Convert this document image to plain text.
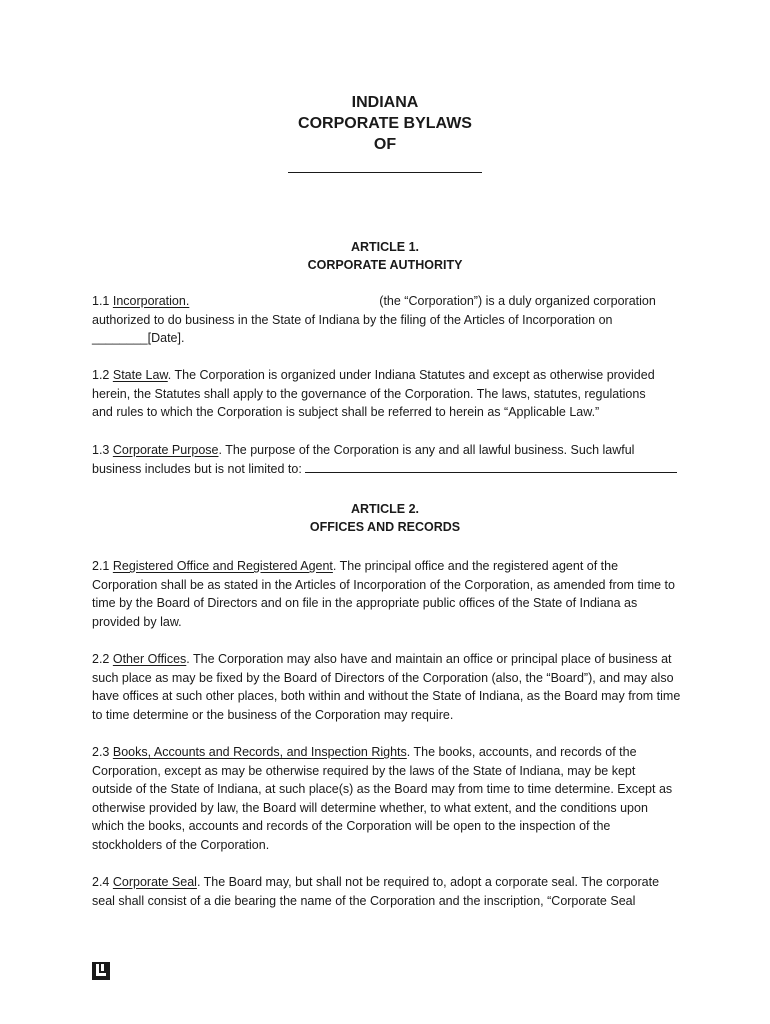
INDIANA
CORPORATE BYLAWS
OF
ARTICLE 1.
CORPORATE AUTHORITY
1.1 Incorporation.	(the “Corporation”) is a duly organized corporation
authorized to do business in the State of Indiana by the filing of the Articles of Incorporation on
________[Date].
1.2 State Law. The Corporation is organized under Indiana Statutes and except as otherwise provided
herein, the Statutes shall apply to the governance of the Corporation. The laws, statutes, regulations
and rules to which the Corporation is subject shall be referred to herein as “Applicable Law.”
1.3 Corporate Purpose. The purpose of the Corporation is any and all lawful business. Such lawful
business includes but is not limited to:
ARTICLE 2.
OFFICES AND RECORDS
2.1 Registered Office and Registered Agent. The principal office and the registered agent of the
Corporation shall be as stated in the Articles of Incorporation of the Corporation, as amended from time to
time by the Board of Directors and on file in the appropriate public offices of the State of Indiana as
provided by law.
2.2 Other Offices. The Corporation may also have and maintain an office or principal place of business at
such place as may be fixed by the Board of Directors of the Corporation (also, the “Board”), and may also
have offices at such other places, both within and without the State of Indiana, as the Board may from time
to time determine or the business of the Corporation may require.
2.3 Books, Accounts and Records, and Inspection Rights. The books, accounts, and records of the
Corporation, except as may be otherwise required by the laws of the State of Indiana, may be kept
outside of the State of Indiana, at such place(s) as the Board may from time to time determine. Except as
otherwise provided by law, the Board will determine whether, to what extent, and the conditions upon
which the books, accounts and records of the Corporation will be open to the inspection of the
stockholders of the Corporation.
2.4 Corporate Seal. The Board may, but shall not be required to, adopt a corporate seal. The corporate
seal shall consist of a die bearing the name of the Corporation and the inscription, “Corporate Seal
